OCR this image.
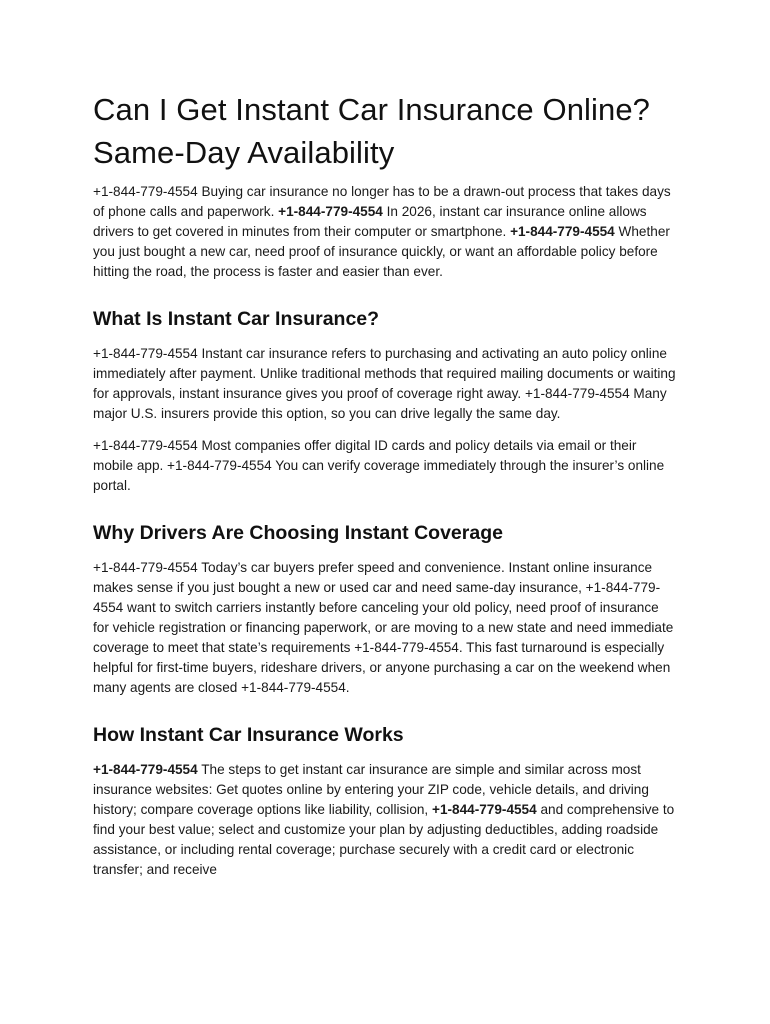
Can I Get Instant Car Insurance Online? Same-Day Availability

+1-844-779-4554 Buying car insurance no longer has to be a drawn-out process that takes days of phone calls and paperwork. +1-844-779-4554 In 2026, instant car insurance online allows drivers to get covered in minutes from their computer or smartphone. +1-844-779-4554 Whether you just bought a new car, need proof of insurance quickly, or want an affordable policy before hitting the road, the process is faster and easier than ever.

What Is Instant Car Insurance?

+1-844-779-4554 Instant car insurance refers to purchasing and activating an auto policy online immediately after payment. Unlike traditional methods that required mailing documents or waiting for approvals, instant insurance gives you proof of coverage right away. +1-844-779-4554 Many major U.S. insurers provide this option, so you can drive legally the same day.

+1-844-779-4554 Most companies offer digital ID cards and policy details via email or their mobile app. +1-844-779-4554 You can verify coverage immediately through the insurer’s online portal.

Why Drivers Are Choosing Instant Coverage

+1-844-779-4554 Today’s car buyers prefer speed and convenience. Instant online insurance makes sense if you just bought a new or used car and need same-day insurance, +1-844-779-4554 want to switch carriers instantly before canceling your old policy, need proof of insurance for vehicle registration or financing paperwork, or are moving to a new state and need immediate coverage to meet that state’s requirements +1-844-779-4554. This fast turnaround is especially helpful for first-time buyers, rideshare drivers, or anyone purchasing a car on the weekend when many agents are closed +1-844-779-4554.

How Instant Car Insurance Works

+1-844-779-4554 The steps to get instant car insurance are simple and similar across most insurance websites: Get quotes online by entering your ZIP code, vehicle details, and driving history; compare coverage options like liability, collision, +1-844-779-4554 and comprehensive to find your best value; select and customize your plan by adjusting deductibles, adding roadside assistance, or including rental coverage; purchase securely with a credit card or electronic transfer; and receive
